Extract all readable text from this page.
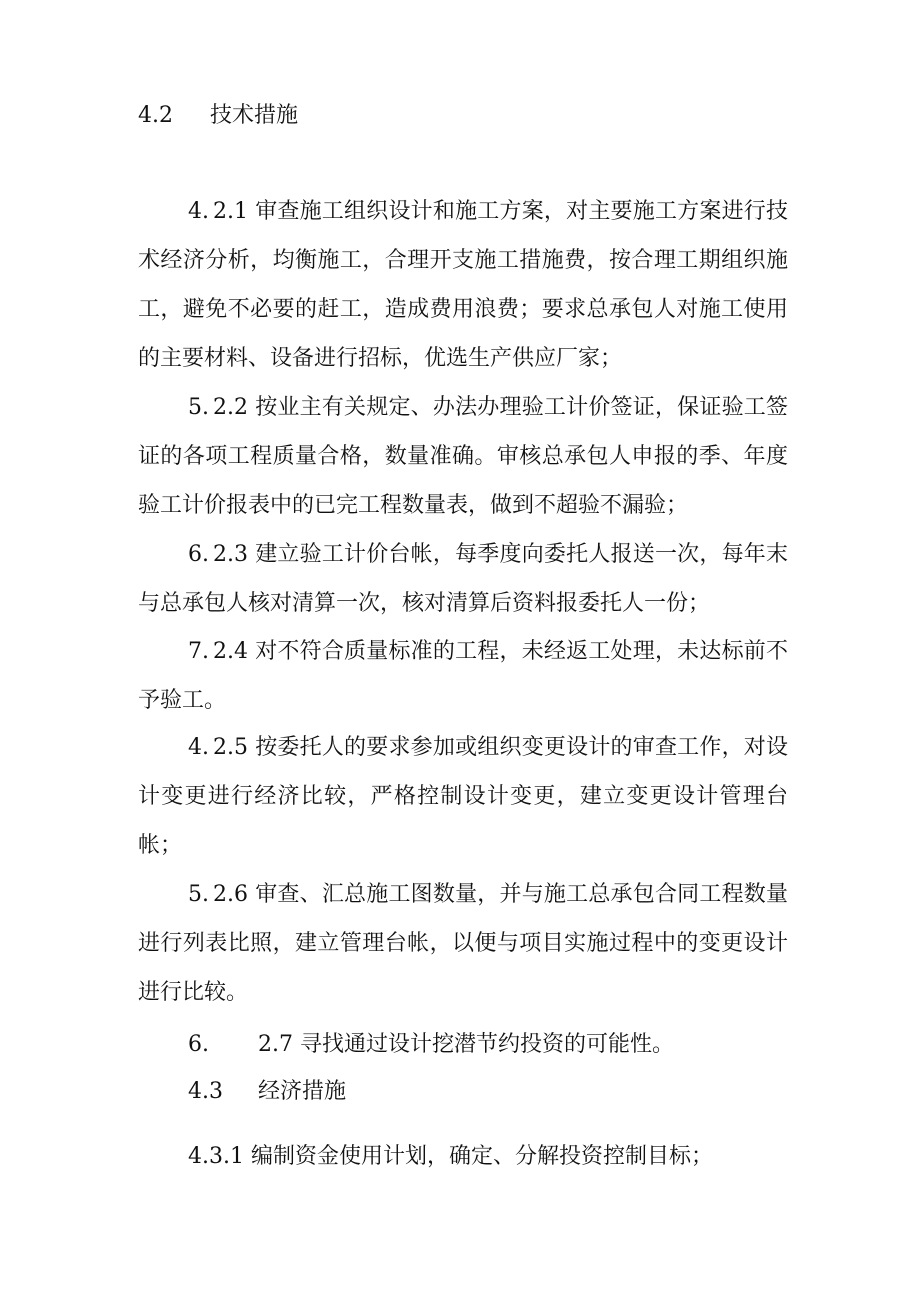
4.2 技术措施

4. 2.1 审查施工组织设计和施工方案，对主要施工方案进行技术经济分析，均衡施工，合理开支施工措施费，按合理工期组织施工，避免不必要的赶工，造成费用浪费；要求总承包人对施工使用的主要材料、设备进行招标，优选生产供应厂家；

5. 2.2 按业主有关规定、办法办理验工计价签证，保证验工签证的各项工程质量合格，数量准确。审核总承包人申报的季、年度验工计价报表中的已完工程数量表，做到不超验不漏验；

6. 2.3 建立验工计价台帐，每季度向委托人报送一次，每年末与总承包人核对清算一次，核对清算后资料报委托人一份；

7. 2.4 对不符合质量标准的工程，未经返工处理，未达标前不予验工。

4. 2.5 按委托人的要求参加或组织变更设计的审查工作，对设计变更进行经济比较，严格控制设计变更，建立变更设计管理台帐；

5. 2.6 审查、汇总施工图数量，并与施工总承包合同工程数量进行列表比照，建立管理台帐，以便与项目实施过程中的变更设计进行比较。

6. 2.7 寻找通过设计挖潜节约投资的可能性。
4.3 经济措施
4.3.1 编制资金使用计划，确定、分解投资控制目标；
